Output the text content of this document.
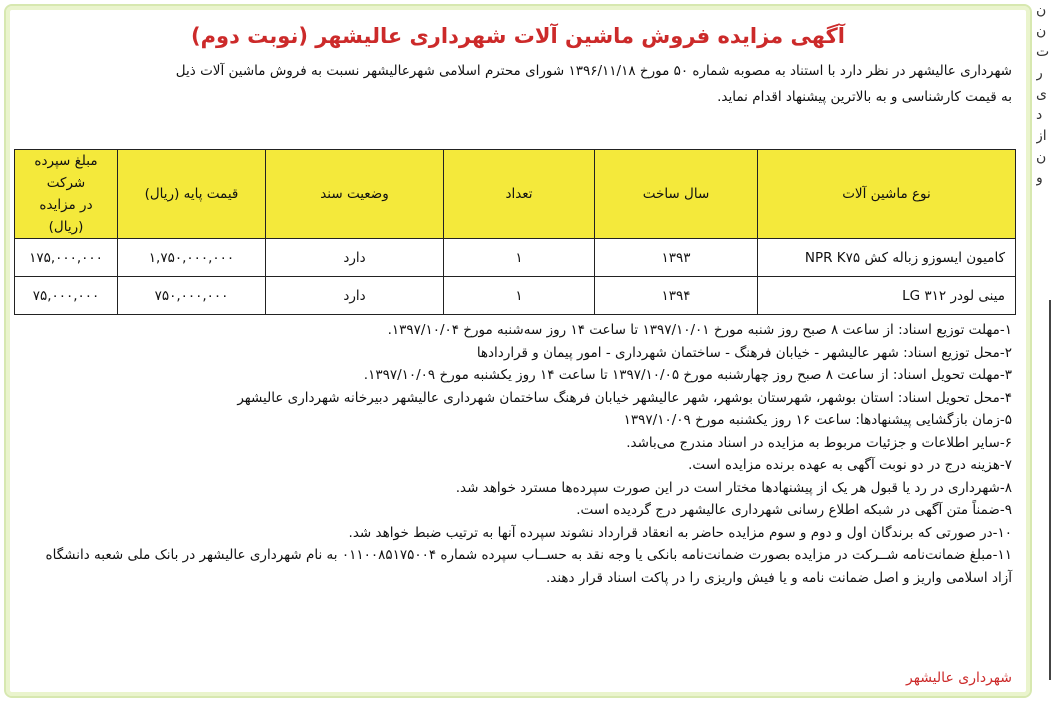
آگهی مزایده فروش ماشین آلات شهرداری عالیشهر (نوبت دوم)
شهرداری عالیشهر در نظر دارد با استناد به مصوبه شماره ۵۰ مورخ ۱۳۹۶/۱۱/۱۸ شورای محترم اسلامی شهرعالیشهر نسبت به فروش ماشین آلات ذیل
به قیمت کارشناسی و به بالاترین پیشنهاد اقدام نماید.
نوع ماشین آلات	سال ساخت	تعداد	وضعیت سند	قیمت پایه (ریال)	مبلغ سپرده شرکت
در مزایده (ریال)

کامیون ایسوزو زباله کش NPR K۷۵	۱۳۹۳	۱	دارد	۱,۷۵۰,۰۰۰,۰۰۰	۱۷۵,۰۰۰,۰۰۰
مینی لودر LG ۳۱۲	۱۳۹۴	۱	دارد	۷۵۰,۰۰۰,۰۰۰	۷۵,۰۰۰,۰۰۰
۱-مهلت توزیع اسناد: از ساعت ۸ صبح روز شنبه مورخ ۱۳۹۷/۱۰/۰۱ تا ساعت ۱۴ روز سه‌شنبه مورخ ۱۳۹۷/۱۰/۰۴.
۲-محل توزیع اسناد: شهر عالیشهر - خیابان فرهنگ - ساختمان شهرداری - امور پیمان و قراردادها
۳-مهلت تحویل اسناد: از ساعت ۸ صبح روز چهارشنبه مورخ ۱۳۹۷/۱۰/۰۵ تا ساعت ۱۴ روز یکشنبه مورخ ۱۳۹۷/۱۰/۰۹.
۴-محل تحویل اسناد: استان بوشهر، شهرستان بوشهر، شهر عالیشهر خیابان فرهنگ ساختمان شهرداری عالیشهر دبیرخانه شهرداری عالیشهر
۵-زمان بازگشایی پیشنهادها: ساعت ۱۶ روز یکشنبه مورخ ۱۳۹۷/۱۰/۰۹
۶-سایر اطلاعات و جزئیات مربوط به مزایده در اسناد مندرج می‌باشد.
۷-هزینه درج در دو نوبت آگهی به عهده برنده مزایده است.
۸-شهرداری در رد یا قبول هر یک از پیشنهادها مختار است در این صورت سپرده‌ها مسترد خواهد شد.
۹-ضمناً متن آگهی در شبکه اطلاع رسانی شهرداری عالیشهر درج گردیده است.
۱۰-در صورتی که برندگان اول و دوم و سوم مزایده حاضر به انعقاد قرارداد نشوند سپرده آنها به ترتیب ضبط خواهد شد.
۱۱-مبلغ ضمانت‌نامه شــرکت در مزایده بصورت ضمانت‌نامه بانکی یا وجه نقد به حســاب سپرده شماره ۰۱۱۰۰۸۵۱۷۵۰۰۴ به نام شهرداری عالیشهر در بانک ملی شعبه دانشگاه آزاد اسلامی واریز و اصل ضمانت نامه و یا فیش واریزی را در پاکت اسناد قرار دهند.
شهرداری عالیشهر
ن
ن
ت
ر
ی
د
از
ن
و
